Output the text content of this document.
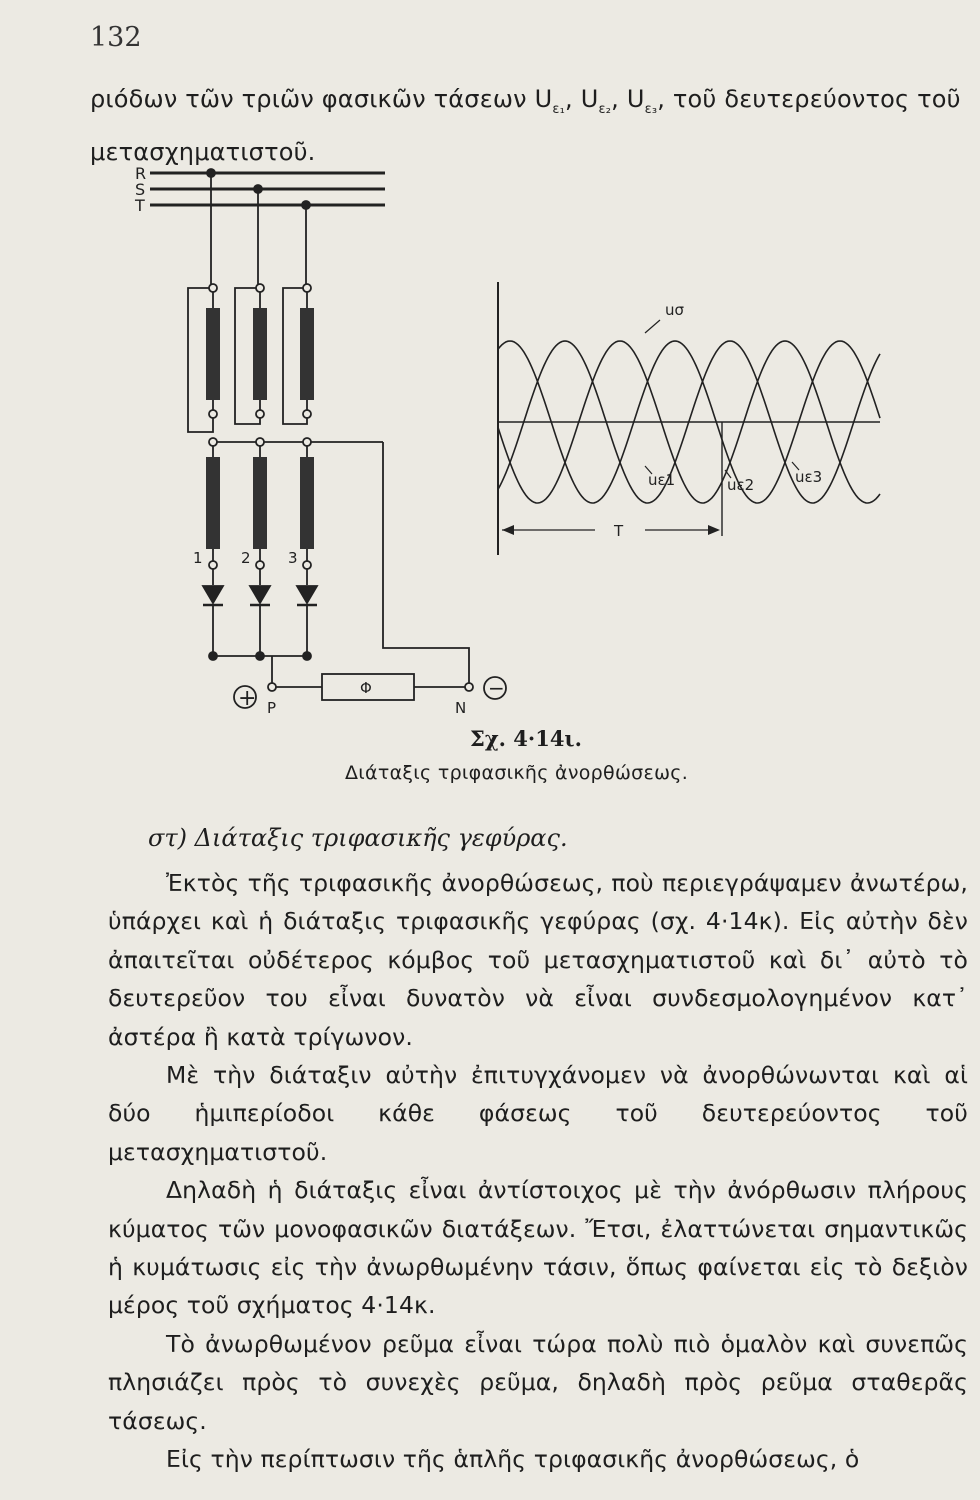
132
ριόδων τῶν τριῶν φασικῶν τάσεων $U_{\varepsilon_1}$, $U_{\varepsilon_2}$, $U_{\varepsilon_3}$, τοῦ δευτερεύοντος τοῦ μετασχηματιστοῦ.
R
S
T
1	2 3
Φ
+	−
P	N
uσ
uε1	uε2	uε3
T
Σχ. 4·14ι.
Διάταξις τριφασικῆς ἀνορθώσεως.
στ) Διάταξις τριφασικῆς γεφύρας.

Ἐκτὸς τῆς τριφασικῆς ἀνορθώσεως, ποὺ περιεγράψαμεν ἀνωτέρω, ὑπάρχει καὶ ἡ διάταξις τριφασικῆς γεφύρας (σχ. 4·14κ). Εἰς αὐτὴν δὲν ἀπαιτεῖται οὐδέτερος κόμβος τοῦ μετασχηματιστοῦ καὶ δι᾽ αὐτὸ τὸ δευτερεῦον του εἶναι δυνατὸν νὰ εἶναι συνδεσμολογημένον κατ᾽ ἀστέρα ἢ κατὰ τρίγωνον.

Μὲ τὴν διάταξιν αὐτὴν ἐπιτυγχάνομεν νὰ ἀνορθώνωνται καὶ αἱ δύο ἡμιπερίοδοι κάθε φάσεως τοῦ δευτερεύοντος τοῦ μετασχηματιστοῦ.

Δηλαδὴ ἡ διάταξις εἶναι ἀντίστοιχος μὲ τὴν ἀνόρθωσιν πλήρους κύματος τῶν μονοφασικῶν διατάξεων. Ἔτσι, ἐλαττώνεται σημαντικῶς ἡ κυμάτωσις εἰς τὴν ἀνωρθωμένην τάσιν, ὅπως φαίνεται εἰς τὸ δεξιὸν μέρος τοῦ σχήματος 4·14κ.

Τὸ ἀνωρθωμένον ρεῦμα εἶναι τώρα πολὺ πιὸ ὁμαλὸν καὶ συνεπῶς πλησιάζει πρὸς τὸ συνεχὲς ρεῦμα, δηλαδὴ πρὸς ρεῦμα σταθερᾶς τάσεως.

Εἰς τὴν περίπτωσιν τῆς ἁπλῆς τριφασικῆς ἀνορθώσεως, ὁ
